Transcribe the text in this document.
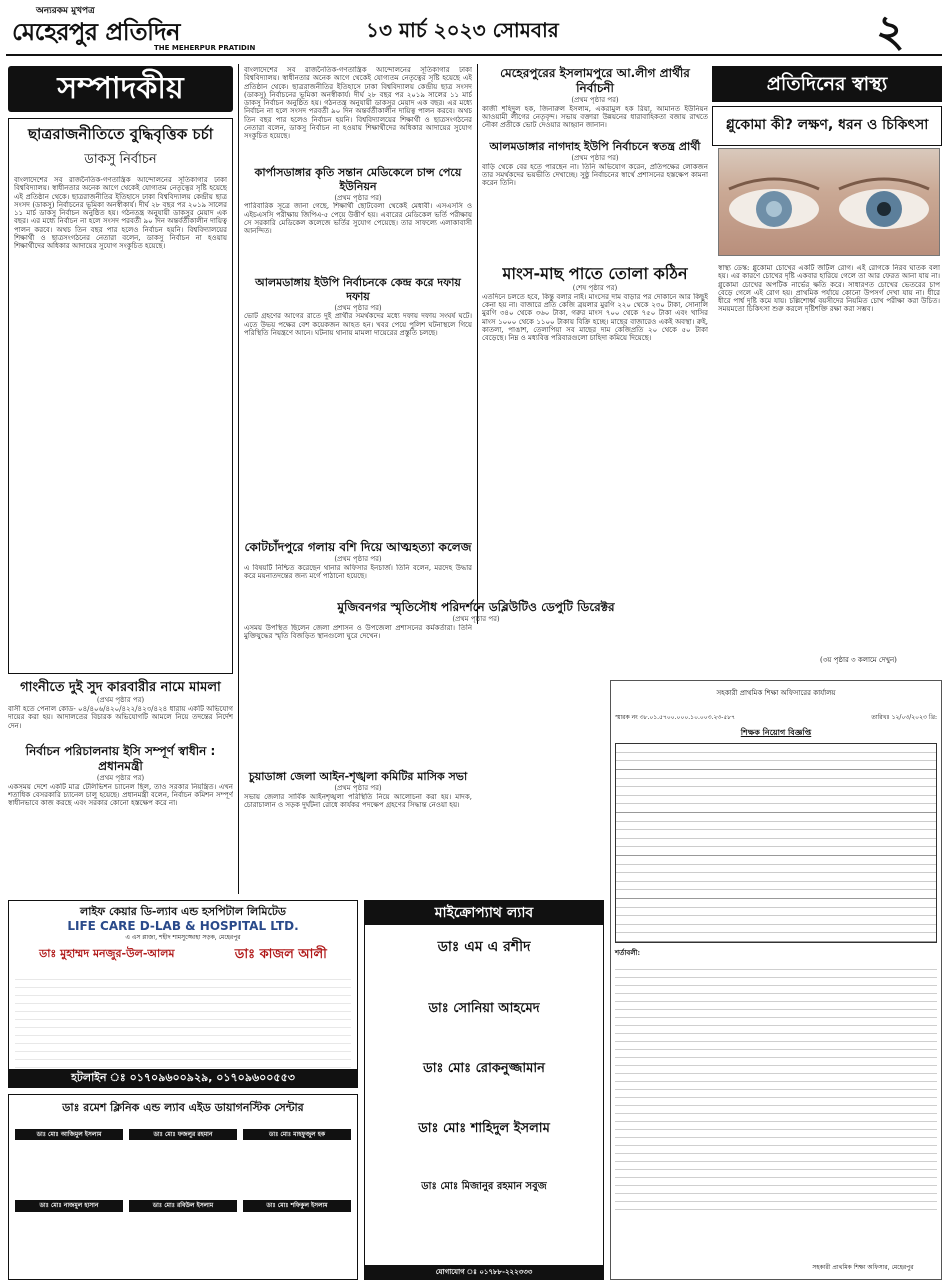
অন্যরকম মুখপত্র
মেহেরপুর প্রতিদিন
THE MEHERPUR PRATIDIN
১৩ মার্চ ২০২৩ সোমবার	২
সম্পাদকীয়
ছাত্ররাজনীতিতে বুদ্ধিবৃত্তিক চর্চা
ডাকসু নির্বাচন
বাংলাদেশের সব রাজনৈতিক-গণতান্ত্রিক আন্দোলনের সূতিকাগার ঢাকা বিশ্ববিদ্যালয়। স্বাধীনতার অনেক আগে থেকেই যোগ্যতম নেতৃত্বের সৃষ্টি হয়েছে এই প্রতিষ্ঠান থেকে। ছাত্ররাজনীতির ইতিহাসে ঢাকা বিশ্ববিদ্যালয় কেন্দ্রীয় ছাত্র সংসদ (ডাকসু) নির্বাচনের ভূমিকা অনস্বীকার্য। দীর্ঘ ২৮ বছর পর ২০১৯ সালের ১১ মার্চ ডাকসু নির্বাচন অনুষ্ঠিত হয়। গঠনতন্ত্র অনুযায়ী ডাকসুর মেয়াদ এক বছর। এর মধ্যে নির্বাচন না হলে সংসদ পরবর্তী ৯০ দিন অন্তর্বর্তীকালীন দায়িত্ব পালন করবে। অথচ তিন বছর পার হলেও নির্বাচন হয়নি। বিশ্ববিদ্যালয়ের শিক্ষার্থী ও ছাত্রসংগঠনের নেতারা বলেন, ডাকসু নির্বাচন না হওয়ায় শিক্ষার্থীদের অধিকার আদায়ের সুযোগ সংকুচিত হয়েছে।
গাংনীতে দুই সুদ কারবারীর নামে মামলা
(প্রথম পৃষ্ঠার পর)
বাসী হতে পেনাল কোড- ০৪/৪০৬/৪২০/৪২২/৪২৩/৪২৪ ধারায় একটি অভিযোগ দায়ের করা হয়। আদালতের বিচারক অভিযোগটি আমলে নিয়ে তদন্তের নির্দেশ দেন।
নির্বাচন পরিচালনায় ইসি সম্পূর্ণ স্বাধীন : প্রধানমন্ত্রী
(প্রথম পৃষ্ঠার পর)
একসময় দেশে একটি মাত্র টেলিভিশন চ্যানেল ছিল, তাও সরকার নিয়ন্ত্রিত। এখন শতাধিক বেসরকারি চ্যানেল চালু হয়েছে। প্রধানমন্ত্রী বলেন, নির্বাচন কমিশন সম্পূর্ণ স্বাধীনভাবে কাজ করছে এবং সরকার কোনো হস্তক্ষেপ করে না।
বাংলাদেশের সব রাজনৈতিক-গণতান্ত্রিক আন্দোলনের সূতিকাগার ঢাকা বিশ্ববিদ্যালয়। স্বাধীনতার অনেক আগে থেকেই যোগ্যতম নেতৃত্বের সৃষ্টি হয়েছে এই প্রতিষ্ঠান থেকে। ছাত্ররাজনীতির ইতিহাসে ঢাকা বিশ্ববিদ্যালয় কেন্দ্রীয় ছাত্র সংসদ (ডাকসু) নির্বাচনের ভূমিকা অনস্বীকার্য। দীর্ঘ ২৮ বছর পর ২০১৯ সালের ১১ মার্চ ডাকসু নির্বাচন অনুষ্ঠিত হয়। গঠনতন্ত্র অনুযায়ী ডাকসুর মেয়াদ এক বছর। এর মধ্যে নির্বাচন না হলে সংসদ পরবর্তী ৯০ দিন অন্তর্বর্তীকালীন দায়িত্ব পালন করবে। অথচ তিন বছর পার হলেও নির্বাচন হয়নি। বিশ্ববিদ্যালয়ের শিক্ষার্থী ও ছাত্রসংগঠনের নেতারা বলেন, ডাকসু নির্বাচন না হওয়ায় শিক্ষার্থীদের অধিকার আদায়ের সুযোগ সংকুচিত হয়েছে।
কার্পাসডাঙ্গার কৃতি সন্তান মেডিকেলে চান্স পেয়ে ইউনিয়ন
(প্রথম পৃষ্ঠার পর)
পারিবারিক সূত্রে জানা গেছে, শিক্ষার্থী ছোটবেলা থেকেই মেধাবী। এসএসসি ও এইচএসসি পরীক্ষায় জিপিএ-৫ পেয়ে উত্তীর্ণ হয়। এবারের মেডিকেল ভর্তি পরীক্ষায় সে সরকারি মেডিকেল কলেজে ভর্তির সুযোগ পেয়েছে। তার সাফল্যে এলাকাবাসী আনন্দিত।
আলমডাঙ্গায় ইউপি নির্বাচনকে কেন্দ্র করে দফায় দফায়
(প্রথম পৃষ্ঠার পর)
ভোট গ্রহণের আগের রাতে দুই প্রার্থীর সমর্থকদের মধ্যে দফায় দফায় সংঘর্ষ ঘটে। এতে উভয় পক্ষের বেশ কয়েকজন আহত হন। খবর পেয়ে পুলিশ ঘটনাস্থলে গিয়ে পরিস্থিতি নিয়ন্ত্রণে আনে। ঘটনায় থানায় মামলা দায়েরের প্রস্তুতি চলছে।
কোটচাঁদপুরে গলায় বশি দিয়ে আত্মহত্যা কলেজ
(প্রথম পৃষ্ঠার পর)
এ বিষয়টি নিশ্চিত করেছেন থানার অফিসার ইনচার্জ। তিনি বলেন, মরদেহ উদ্ধার করে ময়নাতদন্তের জন্য মর্গে পাঠানো হয়েছে।
মেহেরপুরের ইসলামপুরে আ.লীগ প্রার্থীর নির্বাচনী
(প্রথম পৃষ্ঠার পর)
কাজী শহিদুল হক, জিনারুল ইসলাম, একরামুল হক রিয়া, আমানত ইউনিয়ন আওয়ামী লীগের নেতৃবৃন্দ। সভায় বক্তারা উন্নয়নের ধারাবাহিকতা বজায় রাখতে নৌকা প্রতীকে ভোট দেওয়ার আহ্বান জানান।
আলমডাঙ্গার নাগদাহ ইউপি নির্বাচনে স্বতন্ত্র প্রার্থী
(প্রথম পৃষ্ঠার পর)
বাড়ি থেকে বের হতে পারছেন না। তিনি অভিযোগ করেন, প্রতিপক্ষের লোকজন তার সমর্থকদের ভয়ভীতি দেখাচ্ছে। সুষ্ঠু নির্বাচনের স্বার্থে প্রশাসনের হস্তক্ষেপ কামনা করেন তিনি।
মাংস-মাছ পাতে তোলা কঠিন
(শেষ পৃষ্ঠার পর)
এতদিনে চলতে হবে, কিন্তু বলার নাই। মাংসের দাম বাড়ার পর দোকানে আর কিছুই কেনা হয় না। বাজারে প্রতি কেজি ব্রয়লার মুরগি ২২০ থেকে ২৩০ টাকা, সোনালি মুরগি ৩৪০ থেকে ৩৬০ টাকা, গরুর মাংস ৭০০ থেকে ৭৫০ টাকা এবং খাসির মাংস ১০০০ থেকে ১১০০ টাকায় বিক্রি হচ্ছে। মাছের বাজারেও একই অবস্থা। রুই, কাতলা, পাঙাশ, তেলাপিয়া সব মাছের দাম কেজিপ্রতি ২০ থেকে ৫০ টাকা বেড়েছে। নিম্ন ও মধ্যবিত্ত পরিবারগুলো চাহিদা কমিয়ে দিয়েছে।
মুজিবনগর স্মৃতিসৌধ পরিদর্শনে ডব্লিউটিও ডেপুটি ডিরেক্টর
(প্রথম পৃষ্ঠার পর)
এসময় উপস্থিত ছিলেন জেলা প্রশাসন ও উপজেলা প্রশাসনের কর্মকর্তারা। তিনি মুক্তিযুদ্ধের স্মৃতি বিজড়িত স্থানগুলো ঘুরে দেখেন।
চুয়াডাঙ্গা জেলা আইন-শৃঙ্খলা কমিটির মাসিক সভা
(প্রথম পৃষ্ঠার পর)
সভায় জেলার সার্বিক আইনশৃঙ্খলা পরিস্থিতি নিয়ে আলোচনা করা হয়। মাদক, চোরাচালান ও সড়ক দুর্ঘটনা রোধে কার্যকর পদক্ষেপ গ্রহণের সিদ্ধান্ত নেওয়া হয়।
প্রতিদিনের স্বাস্থ্য
গ্লুকোমা কী? লক্ষণ, ধরন ও চিকিৎসা
স্বাস্থ্য ডেস্ক: গ্লুকোমা চোখের একটি জটিল রোগ। এই রোগকে নিরব ঘাতক বলা হয়। এর কারণে চোখের দৃষ্টি একবার হারিয়ে গেলে তা আর ফেরত আনা যায় না। গ্লুকোমা চোখের অপটিক নার্ভের ক্ষতি করে। সাধারণত চোখের ভেতরের চাপ বেড়ে গেলে এই রোগ হয়। প্রাথমিক পর্যায়ে কোনো উপসর্গ দেখা যায় না। ধীরে ধীরে পার্শ্ব দৃষ্টি কমে যায়। চল্লিশোর্ধ্ব বয়সীদের নিয়মিত চোখ পরীক্ষা করা উচিত। সময়মতো চিকিৎসা শুরু করলে দৃষ্টিশক্তি রক্ষা করা সম্ভব।
(৩য় পৃষ্ঠার ৩ কলামে দেখুন)
লাইফ কেয়ার ডি-ল্যাব এন্ড হসপিটাল লিমিটেড
LIFE CARE D-LAB & HOSPITAL LTD.
এ এস প্লাজা, শহীদ শামসুজ্জোহা সড়ক, মেহেরপুর
ডাঃ মুহাম্মদ মনজুর-উল-আলম	ডাঃ কাজল আলী
হটলাইন ঃ ০১৭০৯৬০০৯২৯, ০১৭০৯৬০০৫৫৩
ডাঃ রমেশ ক্লিনিক এন্ড ল্যাব এইড ডায়াগনস্টিক সেন্টার
ডাঃ মোঃ আজিমুল ইসলাম	ডাঃ মোঃ ফজলুর রহমান	ডাঃ মোঃ মাহফুজুল হক
ডাঃ মোঃ নাজমুল হাসান	ডাঃ মোঃ রবিউল ইসলাম	ডাঃ মোঃ শফিকুল ইসলাম
মাইক্রোপ্যাথ ল্যাব
ডাঃ এম এ রশীদ
ডাঃ সোনিয়া আহমেদ
ডাঃ মোঃ রোকনুজ্জামান
ডাঃ মোঃ শাহিদুল ইসলাম
ডাঃ মোঃ মিজানুর রহমান সবুজ
যোগাযোগ ঃ ০১৭৮৮-২২২৩৩৩
সহকারী প্রাথমিক শিক্ষা অফিসারের কার্যালয়
স্মারক নং ৩৮.০১.৫৭০০.০০০.১০.০০৩.২৩-৫৮৭	তারিখঃ ১২/০৩/২০২৩ খ্রি:
শিক্ষক নিয়োগ বিজ্ঞপ্তি
শর্তাবলী:
সহকারী প্রাথমিক শিক্ষা অফিসার, মেহেরপুর
